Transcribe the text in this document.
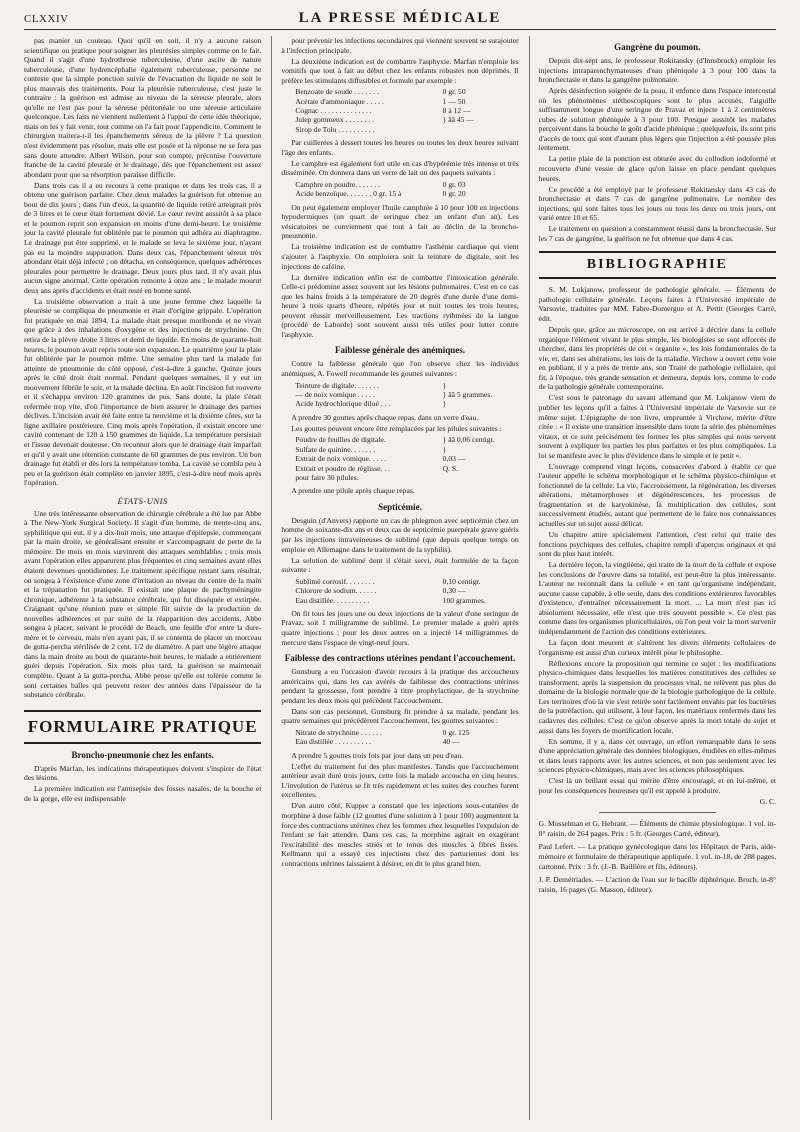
CLXXIV	LA PRESSE MÉDICALE

pas manier un couteau. Quoi qu'il en soit, il n'y a aucune raison scientifique ou pratique pour soigner les pleurésies simples comme on le fait. Quand il s'agit d'une hydrothrose tuberculeuse, d'une ascite de nature tuberculeuse, d'une hydrencéphalie également tuberculeuse, personne ne conteste que la simple ponction suivie de l'évacuation du liquide ne soit le plus mauvais des traitements. Pour la pleurésie tuberculeuse, c'est juste le contraire : la guérison est admise au niveau de la séreuse pleurale, alors qu'elle ne l'est pas pour la séreuse péritonéale ou une séreuse articulaire quelconque. Les faits ne viennent nullement à l'appui de cette idée théorique, mais on les y fait venir, tout comme on l'a fait pour l'appendicite. Comment le chirurgien traitera-t-il les épanchements séreux de la plèvre ? La question n'est évidemment pas résolue, mais elle est posée et la réponse ne se fera pas sans doute attendre. Albert Wilson, pour son compte, préconise l'ouverture franche de la cavité pleurale et le drainage, dès que l'épanchement est assez abondant pour que sa résorption paraisse difficile.

Dans trois cas il a eu recours à cette pratique et dans les trois cas, il a obtenu une guérison parfaite. Chez deux malades la guérison fut obtenue au bout de dix jours ; dans l'un d'eux, la quantité de liquide retiré atteignait près de 3 litres et le cœur était fortement dévié. Le cœur revint aussitôt à sa place et le poumon reprit son expansion en moins d'une demi-heure. Le troisième jour la cavité pleurale fut oblitérée par le poumon qui adhéra au diaphragme. Le drainage put être supprimé, et le malade se leva le sixième jour, n'ayant pas eu la moindre suppuration. Dans deux cas, l'épanchement séreux très abondant était déjà infecté ; on détacha, en conséquence, quelques adhérences pleurales pour permettre le drainage. Deux jours plus tard, il n'y avait plus aucun signe anormal. Cette opération remonte à onze ans ; le malade mourut deux ans après d'accidents et était resté en bonne santé.

La troisième observation a trait à une jeune femme chez laquelle la pleurésie se compliqua de pneumonie et était d'origine grippale. L'opération fut pratiquée en mai 1894. La malade était presque moribonde et ne vivait que grâce à des inhalations d'oxygène et des injections de strychnine. On retira de la plèvre droite 3 litres et demi de liquide. En moins de quarante-huit heures, le poumon avait repris toute son expansion. Le quatrième jour la plaie fut oblitérée par le poumon même. Une semaine plus tard la malade fut atteinte de pneumonie du côté opposé, c'est-à-dire à gauche. Quinze jours après le côté droit était normal. Pendant quelques semaines, il y eut un mouvement fébrile le soir, et la malade déclina. En août l'incision fut rouverte et il s'échappa environ 120 grammes de pus. Sans doute, la plaie s'était refermée trop vite, d'où l'importance de bien assurer le drainage des parties déclives. L'incision avait été faite entre la neuvième et la dixième côtes, sur la ligne axillaire postérieure. Cinq mois après l'opération, il existait encore une cavité contenant de 120 à 150 grammes de liquide. La température persistait et l'issue devenait douteuse. On reconnut alors que le drainage était imparfait et qu'il y avait une rétention constante de 60 grammes de pus environ. Un bon drainage fut établi et dès lors la température tomba. La cavité se combla peu à peu et la guérison était complète en janvier 1895, c'est-à-dire neuf mois après l'opération.

ÉTATS-UNIS

Une très intéressante observation de chirurgie cérébrale a été lue par Abbe à The New-York Surgical Society. Il s'agit d'un homme, de trente-cinq ans, syphilitique qui eut, il y a dix-huit mois, une attaque d'épilepsie, commençant par la main droite, se généralisant ensuite et s'accompagnant de perte de la mémoire. De mois en mois survinrent des attaques semblables ; trois mois avant l'opération elles apparurent plus fréquentes et cinq semaines avant elles étaient devenues quotidiennes. Le traitement spécifique restant sans résultat, on songea à l'existence d'une zone d'irritation au niveau du centre de la main et la trépanation fut pratiquée. Il existait une plaque de pachyméningite chronique, adhérente à la substance cérébrale, qui fut disséquée et extirpée. Craignant qu'une réunion pure et simple fût suivie de la production de nouvelles adhérences et par suite de la réapparition des accidents, Abbe songea à placer, suivant le procédé de Beach, une feuille d'or entre la dure-mère et le cerveau, mais n'en ayant pas, il se contenta de placer un morceau de gutta-percha stérilisée de 2 cent. 1/2 de diamètre. A part une légère attaque dans la main droite au bout de quarante-huit heures, le malade a entièrement guéri depuis l'opération. Six mois plus tard, la guérison se maintenait complète. Quant à la gutta-percha, Abbe pense qu'elle est tolérée comme le sont certaines balles qui peuvent rester des années dans l'épaisseur de la substance cérébrale.

FORMULAIRE PRATIQUE
Broncho-pneumonie chez les enfants.

D'après Marfan, les indications thérapeutiques doivent s'inspirer de l'état des lésions.

La première indication est l'antisepsie des fosses nasales, de la bouche et de la gorge, elle est indispensable

pour prévenir les infections secondaires qui viennent souvent se surajouter à l'infection principale.

La deuxième indication est de combattre l'asphyxie. Marfan n'emploie les vomitifs que tout à fait au début chez les enfants robustes non déprimés. Il préfère les stimulants diffusibles et formule par exemple :

Benzoate de soude . . . . . . .	0 gr. 50
Acétate d'ammoniaque . . . . .	1 — 50
Cognac . . . . . . . . . . . . . .	8 à 12 —
Julep gommeux . . . . . . . .	} ãã 45 —
Sirop de Tolu . . . . . . . . . .

Par cuillerées à dessert toutes les heures ou toutes les deux heures suivant l'âge des enfants.

Le camphre est également fort utile en cas d'hypérémie très intense et très disséminée. On donnera dans un verre de lait un des paquets suivants :

Camphre en poudre. . . . . . .	0 gr. 03
Acide benzoïque. . . . . . . 0 gr. 15 à	0 gr. 20

On peut également employer l'huile camphrée à 10 pour 100 en injections hypodermiques (un quart de seringue chez un enfant d'un an). Les vésicatoires ne conviennent que tout à fait au déclin de la broncho-pneumonie.

La troisième indication est de combattre l'asthénie cardiaque qui vient s'ajouter à l'asphyxie. On emploiera soit la teinture de digitale, soit les injections de caféine.

La dernière indication enfin est de combattre l'intoxication générale. Celle-ci prédomine assez souvent sur les lésions pulmonaires. C'est en ce cas que les bains froids à la température de 20 degrés d'une durée d'une demi-heure à trois quarts d'heure, répétés jour et nuit toutes les trois heures, peuvent réussir merveilleusement. Les tractions rythmées de la langue (procédé de Laborde) sont souvent aussi très utiles pour lutter contre l'asphyxie.

Faiblesse générale des anémiques.

Contre la faiblesse générale que l'on observe chez les individus anémiques, A. Fowell recommande les gouttes suivantes :

Teinture de digitale. . . . . . .	}
— de noix vomique . . . . .	} ãã 5 grammes.
Acide hydrochlorique dilué . . .	}

A prendre 30 gouttes après chaque repas, dans un verre d'eau.

Les gouttes peuvent encore être remplacées par les pilules suivantes :

Poudre de feuilles de digitale.	} ãã 0,06 centigr.
Sulfate de quinine. . . . . . .	}
Extrait de noix vomique. . . . .	0,03 —
Extrait et poudre de réglisse. . .	Q. S.
pour faire 30 pilules.

A prendre une pilule après chaque repas.

Septicémie.

Desguin (d'Anvers) rapporte un cas de phlegmon avec septicémie chez un homme de soixante-dix ans et deux cas de septicémie puerpérale grave guéris par les injections intraveineuses de sublimé (que depuis quelque temps on emploie en Allemagne dans le traitement de la syphilis).

La solution de sublimé dont il s'était servi, était formulée de la façon suivante :

Sublimé corrosif. . . . . . . .	0,10 centigr.
Chlorure de sodium. . . . . .	0,30 —
Eau distillée. . . . . . . . . .	100 grammes.

On fit tous les jours une ou deux injections de la valeur d'une seringue de Pravaz, soit 1 milligramme de sublimé. Le premier malade a guéri après quatre injections ; pour les deux autres on a injecté 14 milligrammes de mercure dans l'espace de vingt-neuf jours.

Faiblesse des contractions utérines pendant l'accouchement.

Gunsburg a eu l'occasion d'avoir recours à la pratique des accoucheurs américains qui, dans les cas avérés de faiblesse des contractions utérines pendant la grossesse, font prendre à titre prophylactique, de la strychnine pendant les deux mois qui précèdent l'accouchement.

Dans son cas personnel, Gunsburg fit prendre à sa malade, pendant les quatre semaines qui précédèrent l'accouchement, les gouttes suivantes :

Nitrate de strychnine . . . . . .	0 gr. 125
Eau distillée . . . . . . . . . .	40 —

A prendre 5 gouttes trois fois par jour dans un peu d'eau.

L'effet du traitement fut des plus manifestes. Tandis que l'accouchement antérieur avait duré trois jours, cette fois la malade accoucha en cinq heures. L'involution de l'utérus se fit très rapidement et les suites des couches furent excellentes.

D'un autre côté, Kupper a constaté que les injections sous-cutanées de morphine à dose faible (12 gouttes d'une solution à 1 pour 100) augmentent la force des contractions utérines chez les femmes chez lesquelles l'expulsion de l'enfant se fait attendre. Dans ces cas, la morphine agirait en exagérant l'excitabilité des muscles striés et le tonus des muscles à fibres lisses. Kellmann qui a essayé ces injections chez des parturientes dont les contractions utérines laissaient à désirer, en dit le plus grand bien.

Gangrène du poumon.

Depuis dix-sept ans, le professeur Rokitansky (d'Innsbruck) emploie les injections intraparenchymateuses d'eau phéniquée à 3 pour 100 dans la bronchectasie et dans la gangrène pulmonaire.

Après désinfection soignée de la peau, il enfonce dans l'espace intercostal où les phénomènes stéthoscopiques sont le plus accusés, l'aiguille suffisamment longue d'une seringue de Pravaz et injecte 1 à 2 centimètres cubes de solution phéniquée à 3 pour 100. Presque aussitôt les malades perçoivent dans la bouche le goût d'acide phénique ; quelquefois, ils sont pris d'accès de toux qui sont d'autant plus légers que l'injection a été poussée plus lentement.

La petite plaie de la ponction est obturée avec du collodion iodoformé et recouverte d'une vessie de glace qu'on laisse en place pendant quelques heures.

Ce procédé a été employé par le professeur Rokitansky dans 43 cas de bronchectasie et dans 7 cas de gangrène pulmonaire. Le nombre des injections, qui sont faites tous les jours ou tous les deux ou trois jours, ont varié entre 10 et 65.

Le traitement en question a constamment réussi dans la bronchectasie. Sur les 7 cas de gangrène, la guérison ne fut obtenue que dans 4 cas.

BIBLIOGRAPHIE

S. M. Lukjanow, professeur de pathologie générale. — Éléments de pathologie cellulaire générale. Leçons faites à l'Université impériale de Varsovie, traduites par MM. Fabre-Domergue et A. Pettit (Georges Carré, édit.

Depuis que, grâce au microscope, on est arrivé à décrire dans la cellule organique l'élément vivant le plus simple, les biologistes se sont efforcés de chercher, dans les propriétés de cet « organite », les lois fondamentales de la vie, et, dans ses altérations, les lois de la maladie. Virchow a ouvert cette voie en publiant, il y a près de trente ans, son Traité de pathologie cellulaire, qui fit, à l'époque, très grande sensation et demeura, depuis lors, comme le code de la pathologie générale contemporaine.

C'est sous le patronage du savant allemand que M. Lukjanow vient de publier les leçons qu'il a faites à l'Université impériale de Varsovie sur ce même sujet. L'épigraphe de son livre, empruntée à Virchow, mérite d'être citée : « Il existe une transition insensible dans toute la série des phénomènes vitaux, et ce sont précisément les formes les plus simples qui nous servent souvent à expliquer les parties les plus parfaites et les plus compliquées. La loi se manifeste avec le plus d'évidence dans le simple et le petit ».

L'ouvrage comprend vingt leçons, consacrées d'abord à établir ce que l'auteur appelle le schéma morphologique et le schéma physico-chimique et fonctionnel de la cellule. La vie, l'accroissement, la régénération, les diverses altérations, métamorphoses et dégénérescences, les processus de fragmentation et de karyokinèse, la multiplication des cellules, sont successivement étudiés, autant que permettent de le faire nos connaissances actuelles sur un sujet aussi délicat.

Un chapitre attire spécialement l'attention, c'est celui qui traite des fonctions psychiques des cellules, chapitre rempli d'aperçus originaux et qui sont du plus haut intérêt.

La dernière leçon, la vingtième, qui traite de la mort de la cellule et expose les conclusions de l'œuvre dans sa totalité, est peut-être la plus intéressante. L'auteur ne reconnaît dans la cellule « en tant qu'organisme indépendant, aucune cause capable, à elle seule, dans des conditions extérieures favorables d'existence, d'entraîner nécessairement la mort. ... La mort n'est pas ici absolument nécessaire, elle n'est que très souvent possible ». Ce n'est pas comme dans les organismes pluricellulaires, où l'on peut voir la mort survenir indépendamment de l'action des conditions extérieures.

La façon dont meurent et s'altèrent les divers éléments cellulaires de l'organisme est aussi d'un curieux intérêt pour le philosophe.

Réflexions encore la proposition qui termine ce sujet : les modifications physico-chimiques dans lesquelles les matières constitutives des cellules se transforment, après la suspension du processus vital, ne relèvent pas plus du domaine de la biologie normale que de la biologie pathologique de la cellule. Les territoires d'où la vie s'est retirée sont facilement envahis par les bactéries de la putréfaction, qui utilisent, à leur façon, les matériaux renfermés dans les cadavres des cellules. C'est ce qu'on observe après la mort totale du sujet et aussi dans les foyers de mortification locale.

En somme, il y a, dans cet ouvrage, un effort remarquable dans le sens d'une appréciation générale des données biologiques, étudiées en elles-mêmes et dans leurs rapports avec les autres sciences, et non pas seulement avec les sciences physico-chimiques, mais avec les sciences philosophiques.

C'est là un brillant essai qui mérite d'être encouragé, et en lui-même, et pour les conséquences heureuses qu'il est appelé à produire.

G. C.

G. Mosselman et G. Hebrant. — Éléments de chimie physiologique. 1 vol. in-8° raisin, de 264 pages. Prix : 5 fr. (Georges Carré, éditeur).

Paul Lefert. — La pratique gynécologique dans les Hôpitaux de Paris, aide-mémoire et formulaire de thérapeutique appliquée. 1 vol. in-18, de 288 pages, cartonné. Prix : 3 fr. (J.-B. Baillière et fils, éditeurs).

J. P. Demétriades. — L'action de l'eau sur le bacille diphtérique. Broch. in-8° raisin, 16 pages (G. Masson, éditeur).
